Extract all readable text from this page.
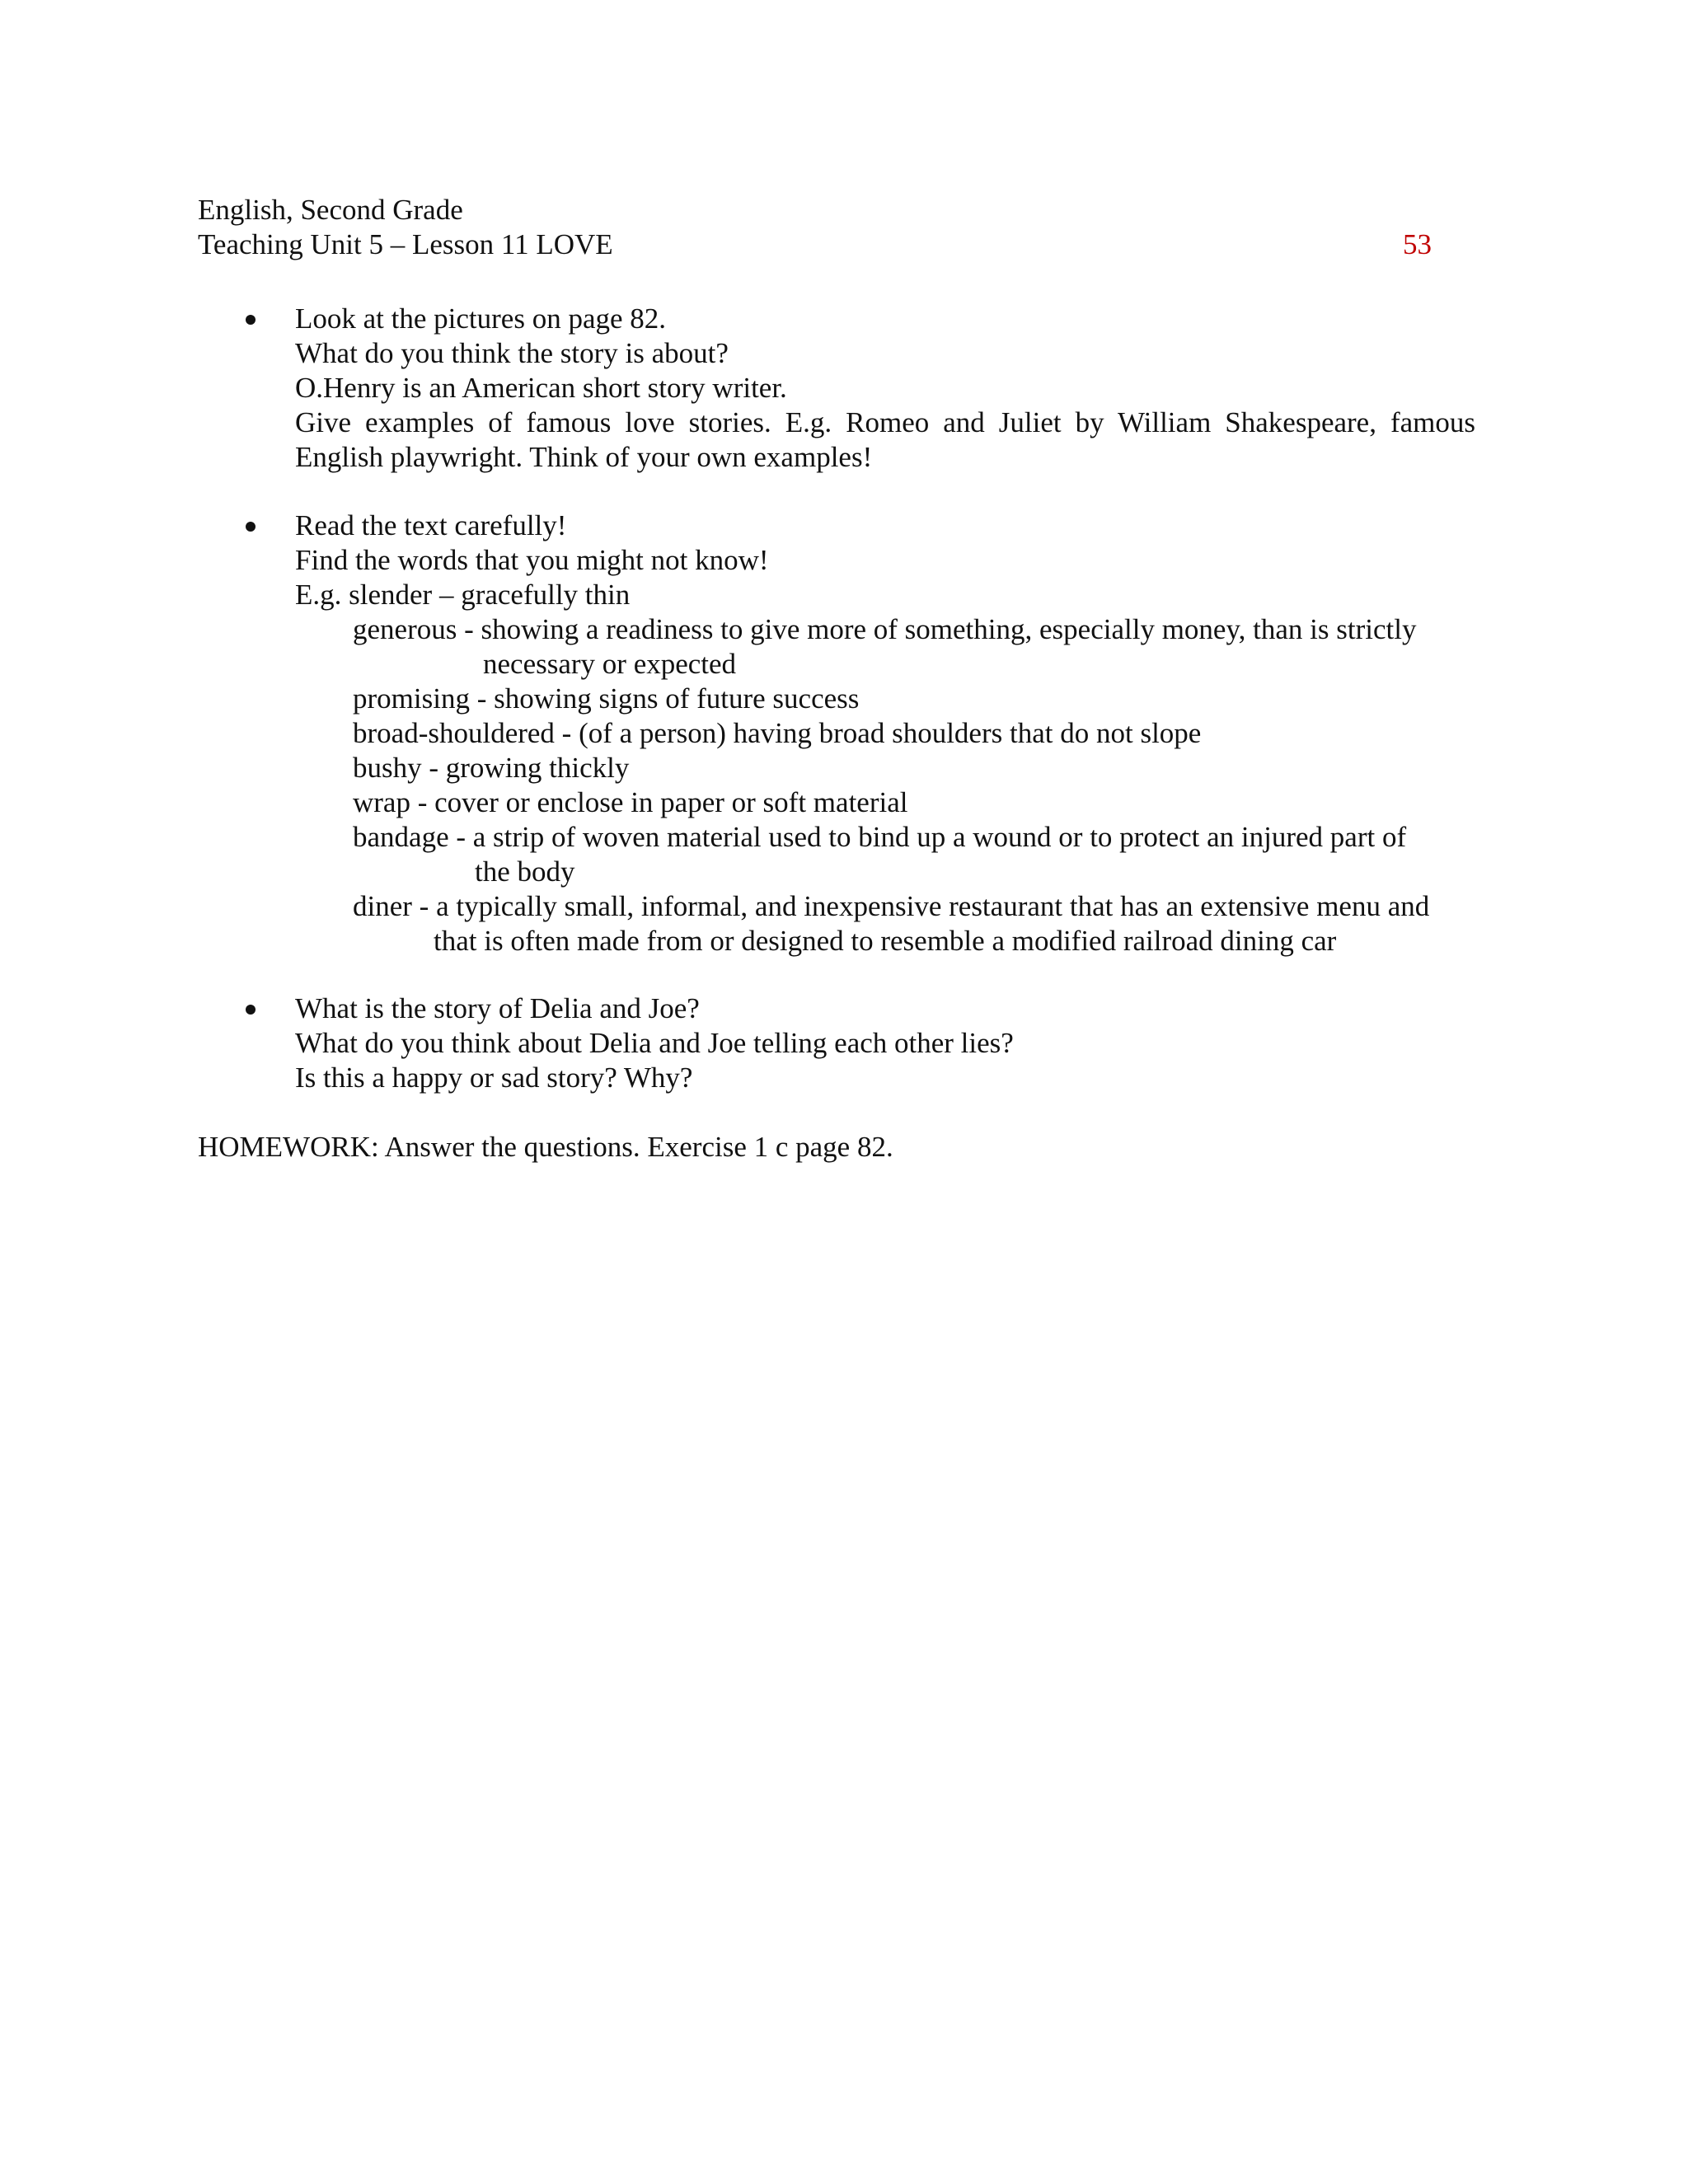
English, Second Grade

Teaching Unit 5 – Lesson 11 LOVE	53

Look at the pictures on page 82.

What do you think the story is about?

O.Henry is an American short story writer.

Give examples of famous love stories. E.g. Romeo and Juliet by William Shakespeare, famous English playwright. Think of your own examples!

Read the text carefully!

Find the words that you might not know!

E.g. slender – gracefully thin

generous - showing a readiness to give more of something, especially money, than is strictly

necessary or expected

promising - showing signs of future success

broad-shouldered - (of a person) having broad shoulders that do not slope

bushy - growing thickly

wrap - cover or enclose in paper or soft material

bandage - a strip of woven material used to bind up a wound or to protect an injured part of

the body

diner - a typically small, informal, and inexpensive restaurant that has an extensive menu and

that is often made from or designed to resemble a modified railroad dining car

What is the story of Delia and Joe?

What do you think about Delia and Joe telling each other lies?

Is this a happy or sad story? Why?

HOMEWORK: Answer the questions. Exercise 1 c page 82.
